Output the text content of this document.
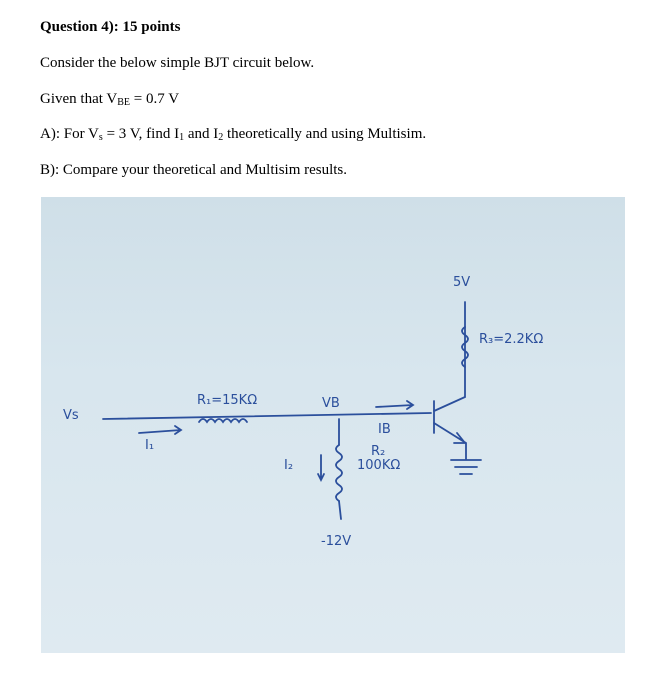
Question 4): 15 points
Consider the below simple BJT circuit below.
Given that $V_{BE} = 0.7$ V
A): For $V_s = 3$ V, find $I_1$ and $I_2$ theoretically and using Multisim.
B): Compare your theoretical and Multisim results.
5V
R₃=2.2KΩ
R₁=15KΩ
Vs
VB
IB
R₂
100KΩ
I₁
I₂
-12V
